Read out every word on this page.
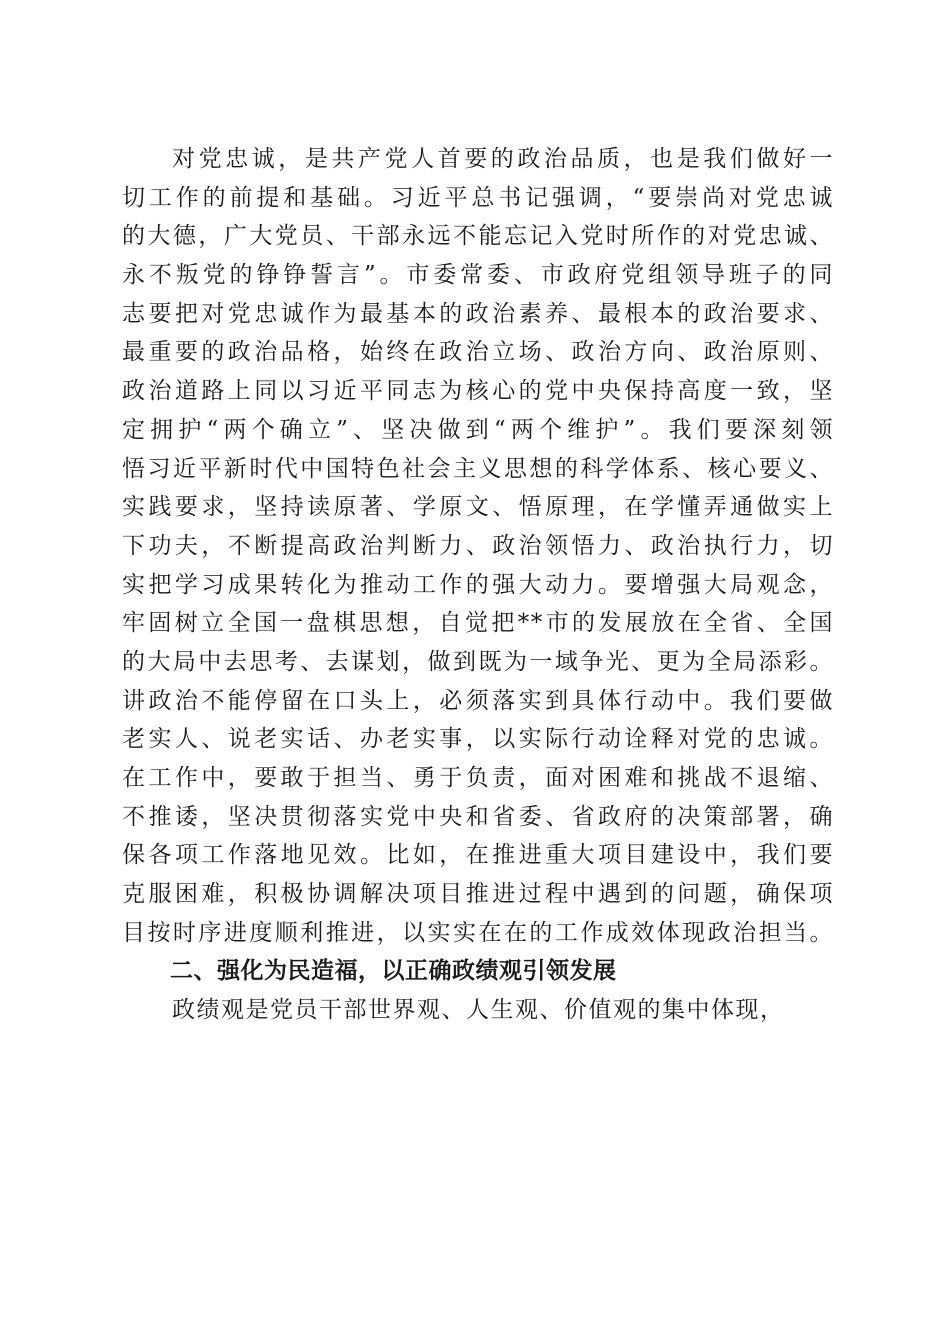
对党忠诚，是共产党人首要的政治品质，也是我们做好一
切工作的前提和基础。习近平总书记强调，“要崇尚对党忠诚
的大德，广大党员、干部永远不能忘记入党时所作的对党忠诚、
永不叛党的铮铮誓言”。市委常委、市政府党组领导班子的同
志要把对党忠诚作为最基本的政治素养、最根本的政治要求、
最重要的政治品格，始终在政治立场、政治方向、政治原则、
政治道路上同以习近平同志为核心的党中央保持高度一致，坚
定拥护“两个确立”、坚决做到“两个维护”。我们要深刻领
悟习近平新时代中国特色社会主义思想的科学体系、核心要义、
实践要求，坚持读原著、学原文、悟原理，在学懂弄通做实上
下功夫，不断提高政治判断力、政治领悟力、政治执行力，切
实把学习成果转化为推动工作的强大动力。要增强大局观念，
牢固树立全国一盘棋思想，自觉把**市的发展放在全省、全国
的大局中去思考、去谋划，做到既为一域争光、更为全局添彩。
讲政治不能停留在口头上，必须落实到具体行动中。我们要做
老实人、说老实话、办老实事，以实际行动诠释对党的忠诚。
在工作中，要敢于担当、勇于负责，面对困难和挑战不退缩、
不推诿，坚决贯彻落实党中央和省委、省政府的决策部署，确
保各项工作落地见效。比如，在推进重大项目建设中，我们要
克服困难，积极协调解决项目推进过程中遇到的问题，确保项
目按时序进度顺利推进，以实实在在的工作成效体现政治担当。
二、强化为民造福，以正确政绩观引领发展
政绩观是党员干部世界观、人生观、价值观的集中体现，
